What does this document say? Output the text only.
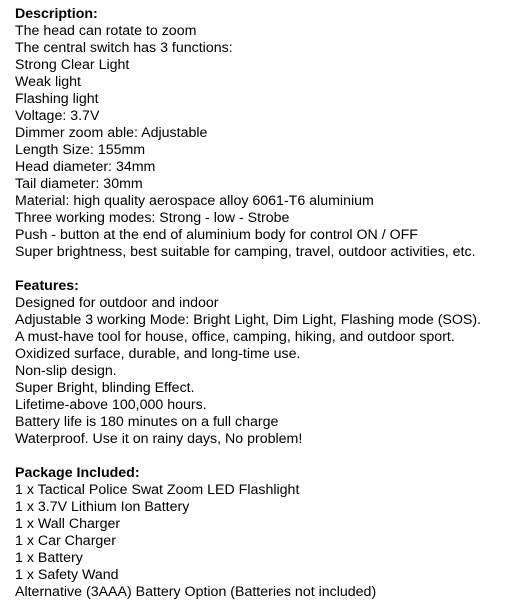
Description:
The head can rotate to zoom
The central switch has 3 functions:
Strong Clear Light
Weak light
Flashing light
Voltage: 3.7V
Dimmer zoom able: Adjustable
Length Size: 155mm
Head diameter: 34mm
Tail diameter: 30mm
Material: high quality aerospace alloy 6061-T6 aluminium
Three working modes: Strong - low - Strobe
Push - button at the end of aluminium body for control ON / OFF
Super brightness, best suitable for camping, travel, outdoor activities, etc.
Features:
Designed for outdoor and indoor
Adjustable 3 working Mode: Bright Light, Dim Light, Flashing mode (SOS).
A must-have tool for house, office, camping, hiking, and outdoor sport.
Oxidized surface, durable, and long-time use.
Non-slip design.
Super Bright, blinding Effect.
Lifetime-above 100,000 hours.
Battery life is 180 minutes on a full charge
Waterproof. Use it on rainy days, No problem!
Package Included:
1 x Tactical Police Swat Zoom LED Flashlight
1 x 3.7V Lithium Ion Battery
1 x Wall Charger
1 x Car Charger
1 x Battery
1 x Safety Wand
Alternative (3AAA) Battery Option (Batteries not included)
